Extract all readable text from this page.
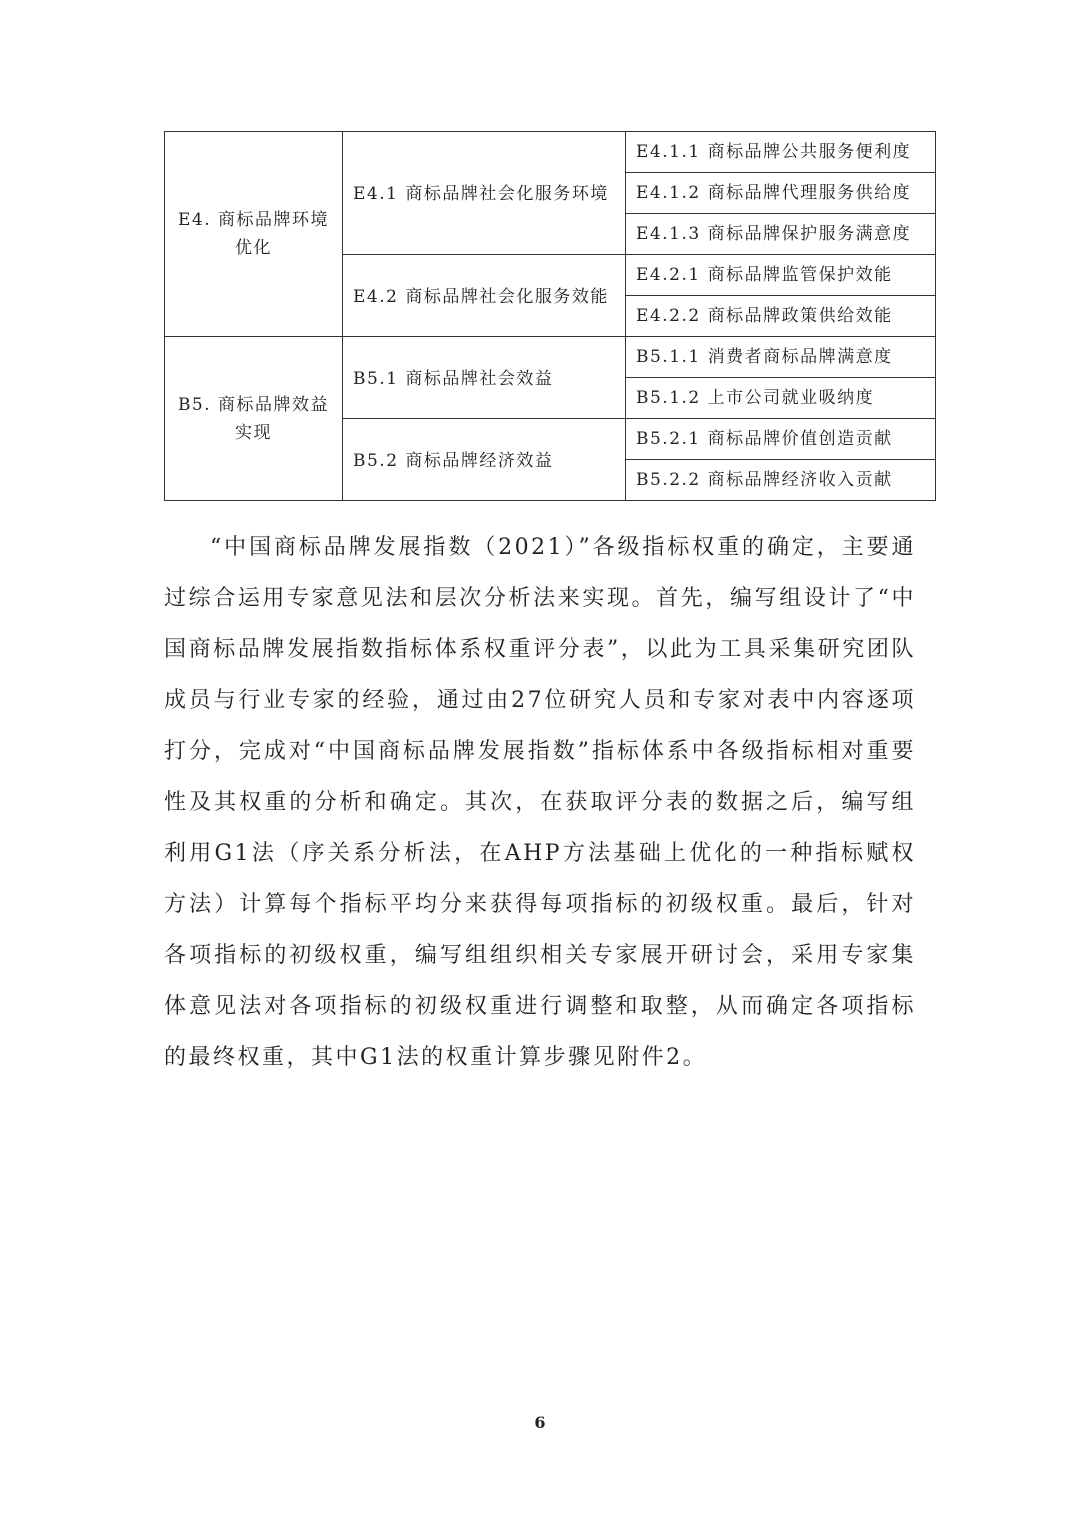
E4. 商标品牌环境
优化	E4.1 商标品牌社会化服务环境	E4.1.1 商标品牌公共服务便利度
		E4.1.2 商标品牌代理服务供给度
		E4.1.3 商标品牌保护服务满意度
	E4.2 商标品牌社会化服务效能	E4.2.1 商标品牌监管保护效能
		E4.2.2 商标品牌政策供给效能

B5. 商标品牌效益
实现	B5.1 商标品牌社会效益	B5.1.1 消费者商标品牌满意度
		B5.1.2 上市公司就业吸纳度
	B5.2 商标品牌经济效益	B5.2.1 商标品牌价值创造贡献
		B5.2.2 商标品牌经济收入贡献

“中国商标品牌发展指数（2021）”各级指标权重的确定，主要通过综合运用专家意见法和层次分析法来实现。首先，编写组设计了“中国商标品牌发展指数指标体系权重评分表”，以此为工具采集研究团队成员与行业专家的经验，通过由27位研究人员和专家对表中内容逐项打分，完成对“中国商标品牌发展指数”指标体系中各级指标相对重要性及其权重的分析和确定。其次，在获取评分表的数据之后，编写组利用G1法（序关系分析法，在AHP方法基础上优化的一种指标赋权方法）计算每个指标平均分来获得每项指标的初级权重。最后，针对各项指标的初级权重，编写组组织相关专家展开研讨会，采用专家集体意见法对各项指标的初级权重进行调整和取整，从而确定各项指标的最终权重，其中G1法的权重计算步骤见附件2。

6
